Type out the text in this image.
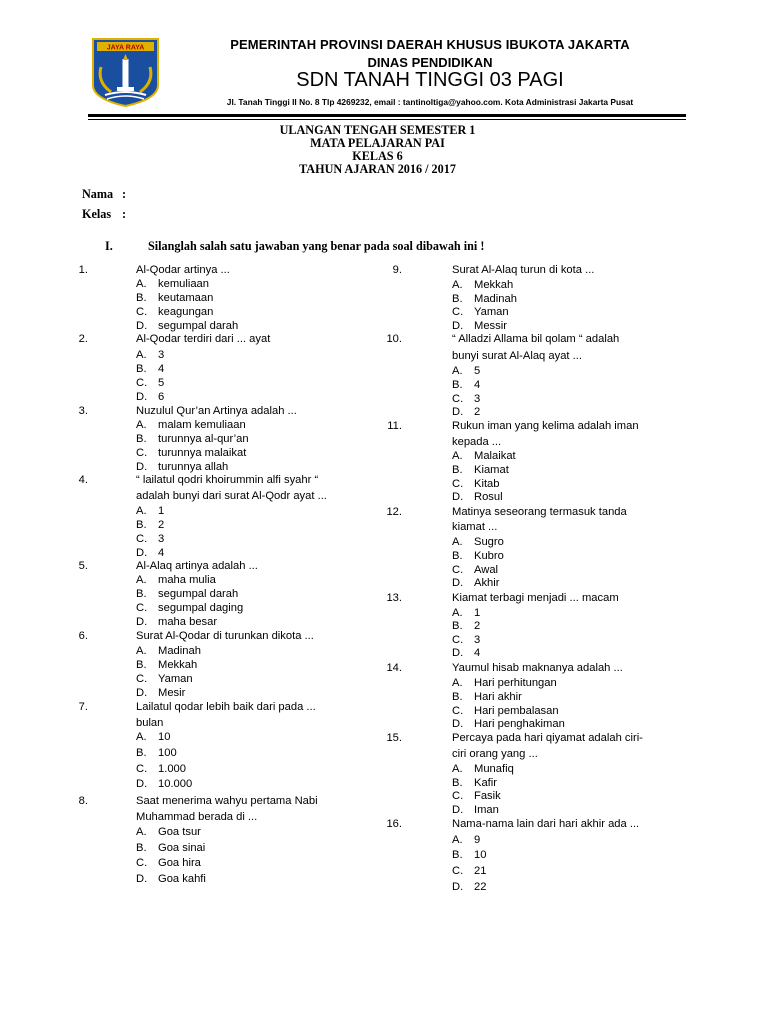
JAYA RAYA	PEMERINTAH PROVINSI DAERAH KHUSUS IBUKOTA JAKARTA
DINAS PENDIDIKAN
SDN TANAH TINGGI 03 PAGI
Jl. Tanah Tinggi II No. 8 Tlp 4269232, email : tantinoltiga@yahoo.com. Kota Administrasi Jakarta Pusat
ULANGAN TENGAH SEMESTER 1
MATA PELAJARAN PAI
KELAS 6
TAHUN AJARAN 2016 / 2017
Nama :
Kelas :
I.	Silanglah salah satu jawaban yang benar pada soal dibawah ini !
1.	Al-Qodar artinya ...
A. kemuliaan
B. keutamaan
C. keagungan
D. segumpal darah
2.	Al-Qodar terdiri dari ... ayat
A. 3
B. 4
C. 5
D. 6
3.	Nuzulul Qur’an Artinya adalah ...
A. malam kemuliaan
B. turunnya al-qur’an
C. turunnya malaikat
D. turunnya allah
4.	“ lailatul qodri khoirummin alfi syahr “
adalah bunyi dari surat Al-Qodr ayat ...
A. 1
B. 2
C. 3
D. 4
5.	Al-Alaq artinya adalah ...
A. maha mulia
B. segumpal darah
C. segumpal daging
D. maha besar
6.	Surat Al-Qodar di turunkan dikota ...
A. Madinah
B. Mekkah
C. Yaman
D. Mesir
7.	Lailatul qodar lebih baik dari pada ...
bulan
A. 10
B. 100
C. 1.000
D. 10.000
8.	Saat menerima wahyu pertama Nabi
Muhammad berada di ...
A. Goa tsur
B. Goa sinai
C. Goa hira
D. Goa kahfi
9.	Surat Al-Alaq turun di kota ...
A. Mekkah
B. Madinah
C. Yaman
D. Messir
10.	“ Alladzi Allama bil qolam “ adalah
bunyi surat Al-Alaq ayat ...
A. 5
B. 4
C. 3
D. 2
11.	Rukun iman yang kelima adalah iman
kepada ...
A. Malaikat
B. Kiamat
C. Kitab
D. Rosul
12.	Matinya seseorang termasuk tanda
kiamat ...
A. Sugro
B. Kubro
C. Awal
D. Akhir
13.	Kiamat terbagi menjadi ... macam
A. 1
B. 2
C. 3
D. 4
14.	Yaumul hisab maknanya adalah ...
A. Hari perhitungan
B. Hari akhir
C. Hari pembalasan
D. Hari penghakiman
15.	Percaya pada hari qiyamat adalah ciri-
ciri orang yang ...
A. Munafiq
B. Kafir
C. Fasik
D. Iman
16.	Nama-nama lain dari hari akhir ada ...
A. 9
B. 10
C. 21
D. 22
